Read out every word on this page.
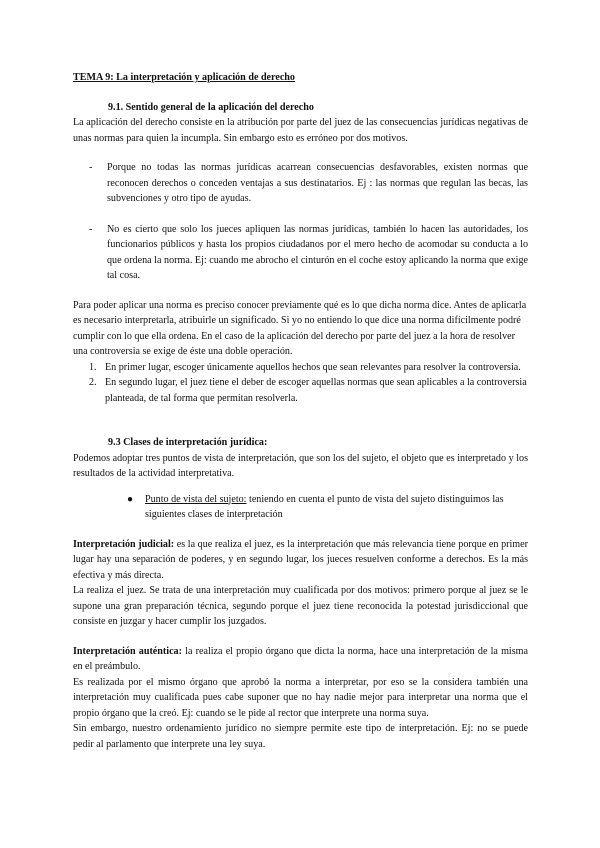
TEMA 9: La interpretación y aplicación de derecho

9.1. Sentido general de la aplicación del derecho

La aplicación del derecho consiste en la atribución por parte del juez de las consecuencias jurídicas negativas de unas normas para quien la incumpla. Sin embargo esto es erróneo por dos motivos.

-	Porque no todas las normas jurídicas acarrean consecuencias desfavorables, existen normas que reconocen derechos o conceden ventajas a sus destinatarios. Ej : las normas que regulan las becas, las subvenciones y otro tipo de ayudas.
-	No es cierto que solo los jueces apliquen las normas jurídicas, también lo hacen las autoridades, los funcionarios públicos y hasta los propios ciudadanos por el mero hecho de acomodar su conducta a lo que ordena la norma. Ej: cuando me abrocho el cinturón en el coche estoy aplicando la norma que exige tal cosa.

Para poder aplicar una norma es preciso conocer previamente qué es lo que dicha norma dice. Antes de aplicarla es necesario interpretarla, atribuirle un significado. Si yo no entiendo lo que dice una norma difícilmente podré cumplir con lo que ella ordena. En el caso de la aplicación del derecho por parte del juez a la hora de resolver una controversia se exige de éste una doble operación.

1. En primer lugar, escoger únicamente aquellos hechos que sean relevantes para resolver la controversia.
2. En segundo lugar, el juez tiene el deber de escoger aquellas normas que sean aplicables a la controversia planteada, de tal forma que permitan resolverla.

9.3 Clases de interpretación jurídica:

Podemos adoptar tres puntos de vista de interpretación, que son los del sujeto, el objeto que es interpretado y los resultados de la actividad interpretativa.

●	Punto de vista del sujeto: teniendo en cuenta el punto de vista del sujeto distinguimos las siguientes clases de interpretación

Interpretación judicial: es la que realiza el juez, es la interpretación que más relevancia tiene porque en primer lugar hay una separación de poderes, y en segundo lugar, los jueces resuelven conforme a derechos. Es la más efectiva y más directa.

La realiza el juez. Se trata de una interpretación muy cualificada por dos motivos: primero porque al juez se le supone una gran preparación técnica, segundo porque el juez tiene reconocida la potestad jurisdiccional que consiste en juzgar y hacer cumplir los juzgados.

Interpretación auténtica: la realiza el propio órgano que dicta la norma, hace una interpretación de la misma en el preámbulo.

Es realizada por el mismo órgano que aprobó la norma a interpretar, por eso se la considera también una interpretación muy cualificada pues cabe suponer que no hay nadie mejor para interpretar una norma que el propio órgano que la creó. Ej: cuando se le pide al rector que interprete una norma suya.

Sin embargo, nuestro ordenamiento jurídico no siempre permite este tipo de interpretación. Ej: no se puede pedir al parlamento que interprete una ley suya.
